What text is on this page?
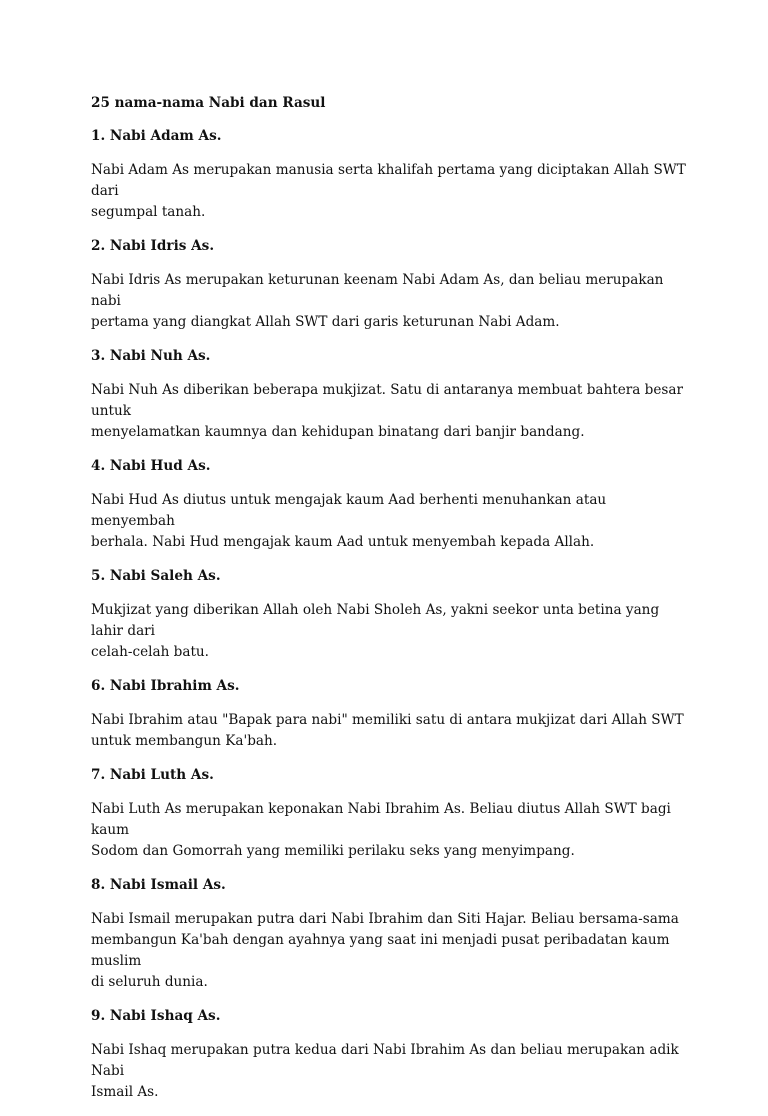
25 nama-nama Nabi dan Rasul
1. Nabi Adam As.
Nabi Adam As merupakan manusia serta khalifah pertama yang diciptakan Allah SWT dari
segumpal tanah.
2. Nabi Idris As.
Nabi Idris As merupakan keturunan keenam Nabi Adam As, dan beliau merupakan nabi
pertama yang diangkat Allah SWT dari garis keturunan Nabi Adam.
3. Nabi Nuh As.
Nabi Nuh As diberikan beberapa mukjizat. Satu di antaranya membuat bahtera besar untuk
menyelamatkan kaumnya dan kehidupan binatang dari banjir bandang.
4. Nabi Hud As.
Nabi Hud As diutus untuk mengajak kaum Aad berhenti menuhankan atau menyembah
berhala. Nabi Hud mengajak kaum Aad untuk menyembah kepada Allah.
5. Nabi Saleh As.
Mukjizat yang diberikan Allah oleh Nabi Sholeh As, yakni seekor unta betina yang lahir dari
celah-celah batu.
6. Nabi Ibrahim As.
Nabi Ibrahim atau "Bapak para nabi" memiliki satu di antara mukjizat dari Allah SWT
untuk membangun Ka'bah.
7. Nabi Luth As.
Nabi Luth As merupakan keponakan Nabi Ibrahim As. Beliau diutus Allah SWT bagi kaum
Sodom dan Gomorrah yang memiliki perilaku seks yang menyimpang.
8. Nabi Ismail As.
Nabi Ismail merupakan putra dari Nabi Ibrahim dan Siti Hajar. Beliau bersama-sama
membangun Ka'bah dengan ayahnya yang saat ini menjadi pusat peribadatan kaum muslim
di seluruh dunia.
9. Nabi Ishaq As.
Nabi Ishaq merupakan putra kedua dari Nabi Ibrahim As dan beliau merupakan adik Nabi
Ismail As.
